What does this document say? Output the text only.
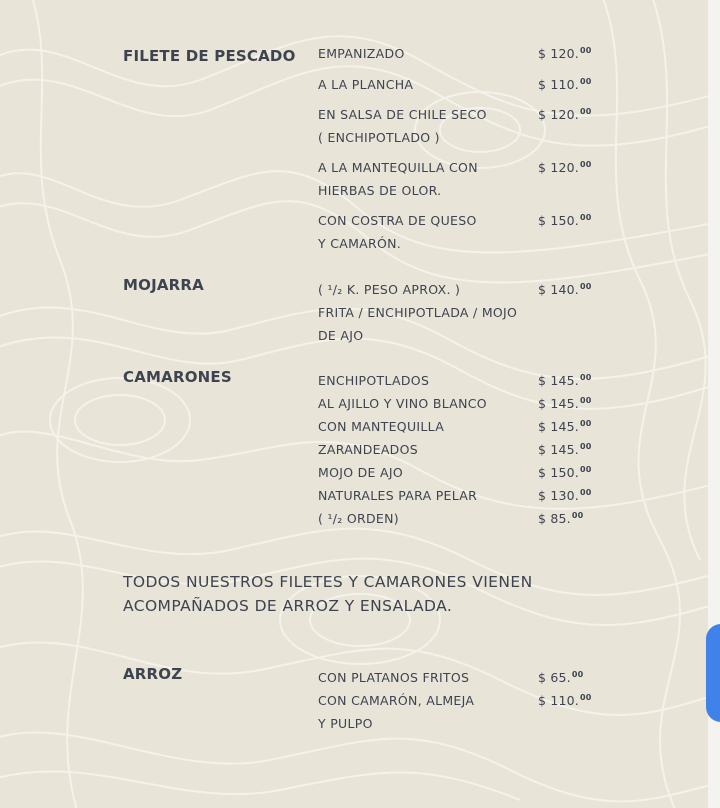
FILETE DE PESCADO EMPANIZADO	$ 120.00
A LA PLANCHA	$ 110.00
EN SALSA DE CHILE SECO
( ENCHIPOTLADO )
$ 120.00
A LA MANTEQUILLA CON
HIERBAS DE OLOR.
$ 120.00
CON COSTRA DE QUESO
Y CAMARÓN.
$ 150.00
MOJARRA	( ¹/₂ K. PESO APROX. )
FRITA / ENCHIPOTLADA / MOJO
DE AJO
$ 140.00
CAMARONES	ENCHIPOTLADOS	$ 145.00
AL AJILLO Y VINO BLANCO	$ 145.00
CON MANTEQUILLA	$ 145.00
ZARANDEADOS	$ 145.00
MOJO DE AJO	$ 150.00
NATURALES PARA PELAR	$ 130.00
( ¹/₂ ORDEN)	$ 85.00
TODOS NUESTROS FILETES Y CAMARONES VIENEN
ACOMPAÑADOS DE ARROZ Y ENSALADA.
ARROZ	CON PLATANOS FRITOS	$ 65.00
CON CAMARÓN, ALMEJA
Y PULPO
$ 110.00
